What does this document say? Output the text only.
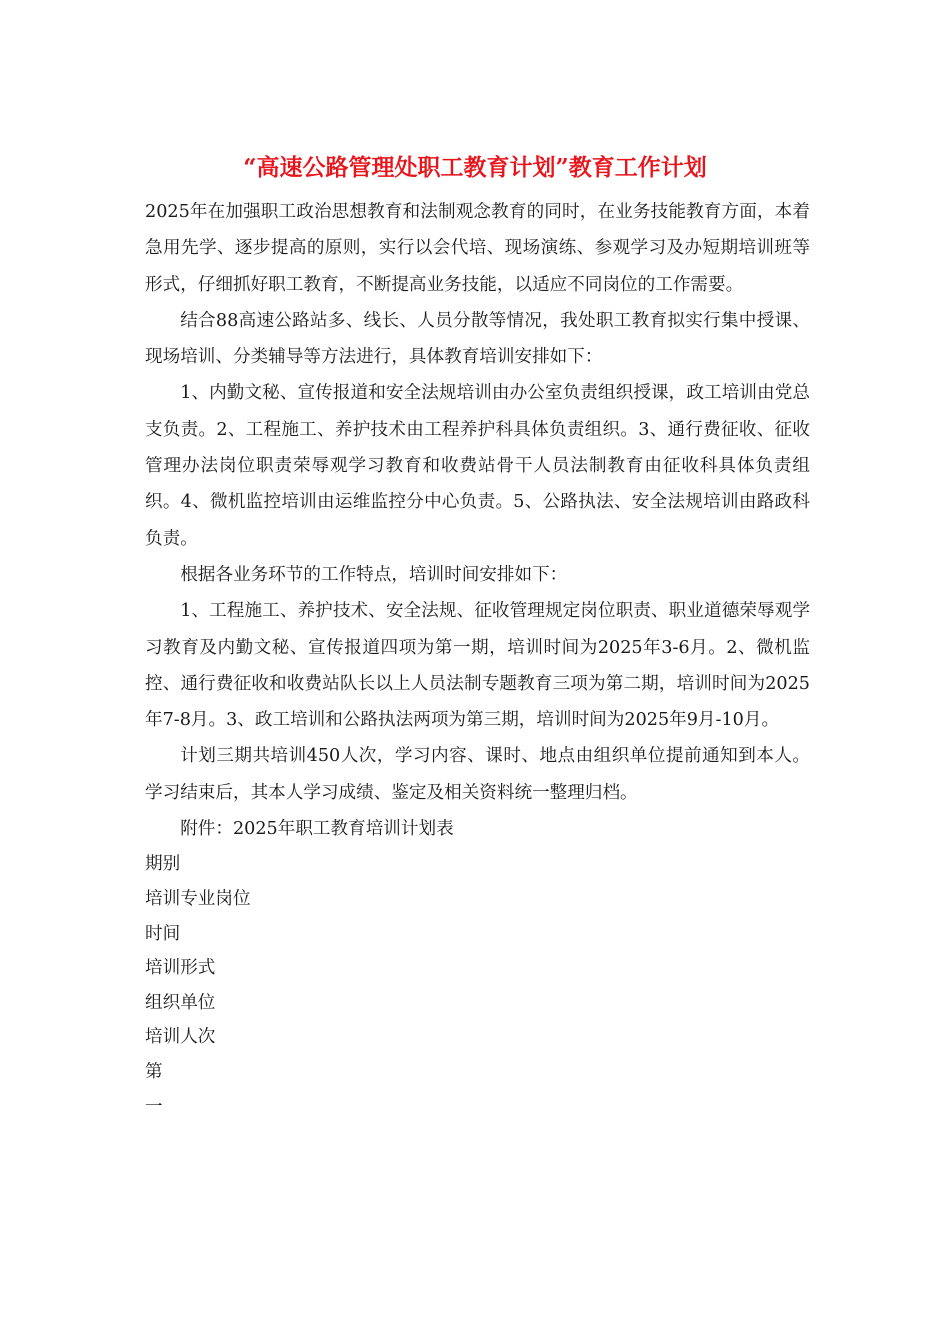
“高速公路管理处职工教育计划”教育工作计划

2025年在加强职工政治思想教育和法制观念教育的同时，在业务技能教育方面，本着急用先学、逐步提高的原则，实行以会代培、现场演练、参观学习及办短期培训班等形式，仔细抓好职工教育，不断提高业务技能，以适应不同岗位的工作需要。

结合88高速公路站多、线长、人员分散等情况，我处职工教育拟实行集中授课、现场培训、分类辅导等方法进行，具体教育培训安排如下：

1、内勤文秘、宣传报道和安全法规培训由办公室负责组织授课，政工培训由党总支负责。2、工程施工、养护技术由工程养护科具体负责组织。3、通行费征收、征收管理办法岗位职责荣辱观学习教育和收费站骨干人员法制教育由征收科具体负责组织。4、微机监控培训由运维监控分中心负责。5、公路执法、安全法规培训由路政科负责。

根据各业务环节的工作特点，培训时间安排如下：

1、工程施工、养护技术、安全法规、征收管理规定岗位职责、职业道德荣辱观学习教育及内勤文秘、宣传报道四项为第一期，培训时间为2025年3-6月。2、微机监控、通行费征收和收费站队长以上人员法制专题教育三项为第二期，培训时间为2025年7-8月。3、政工培训和公路执法两项为第三期，培训时间为2025年9月-10月。

计划三期共培训450人次，学习内容、课时、地点由组织单位提前通知到本人。学习结束后，其本人学习成绩、鉴定及相关资料统一整理归档。

附件：2025年职工教育培训计划表

期别

培训专业岗位

时间

培训形式

组织单位

培训人次

第

一
